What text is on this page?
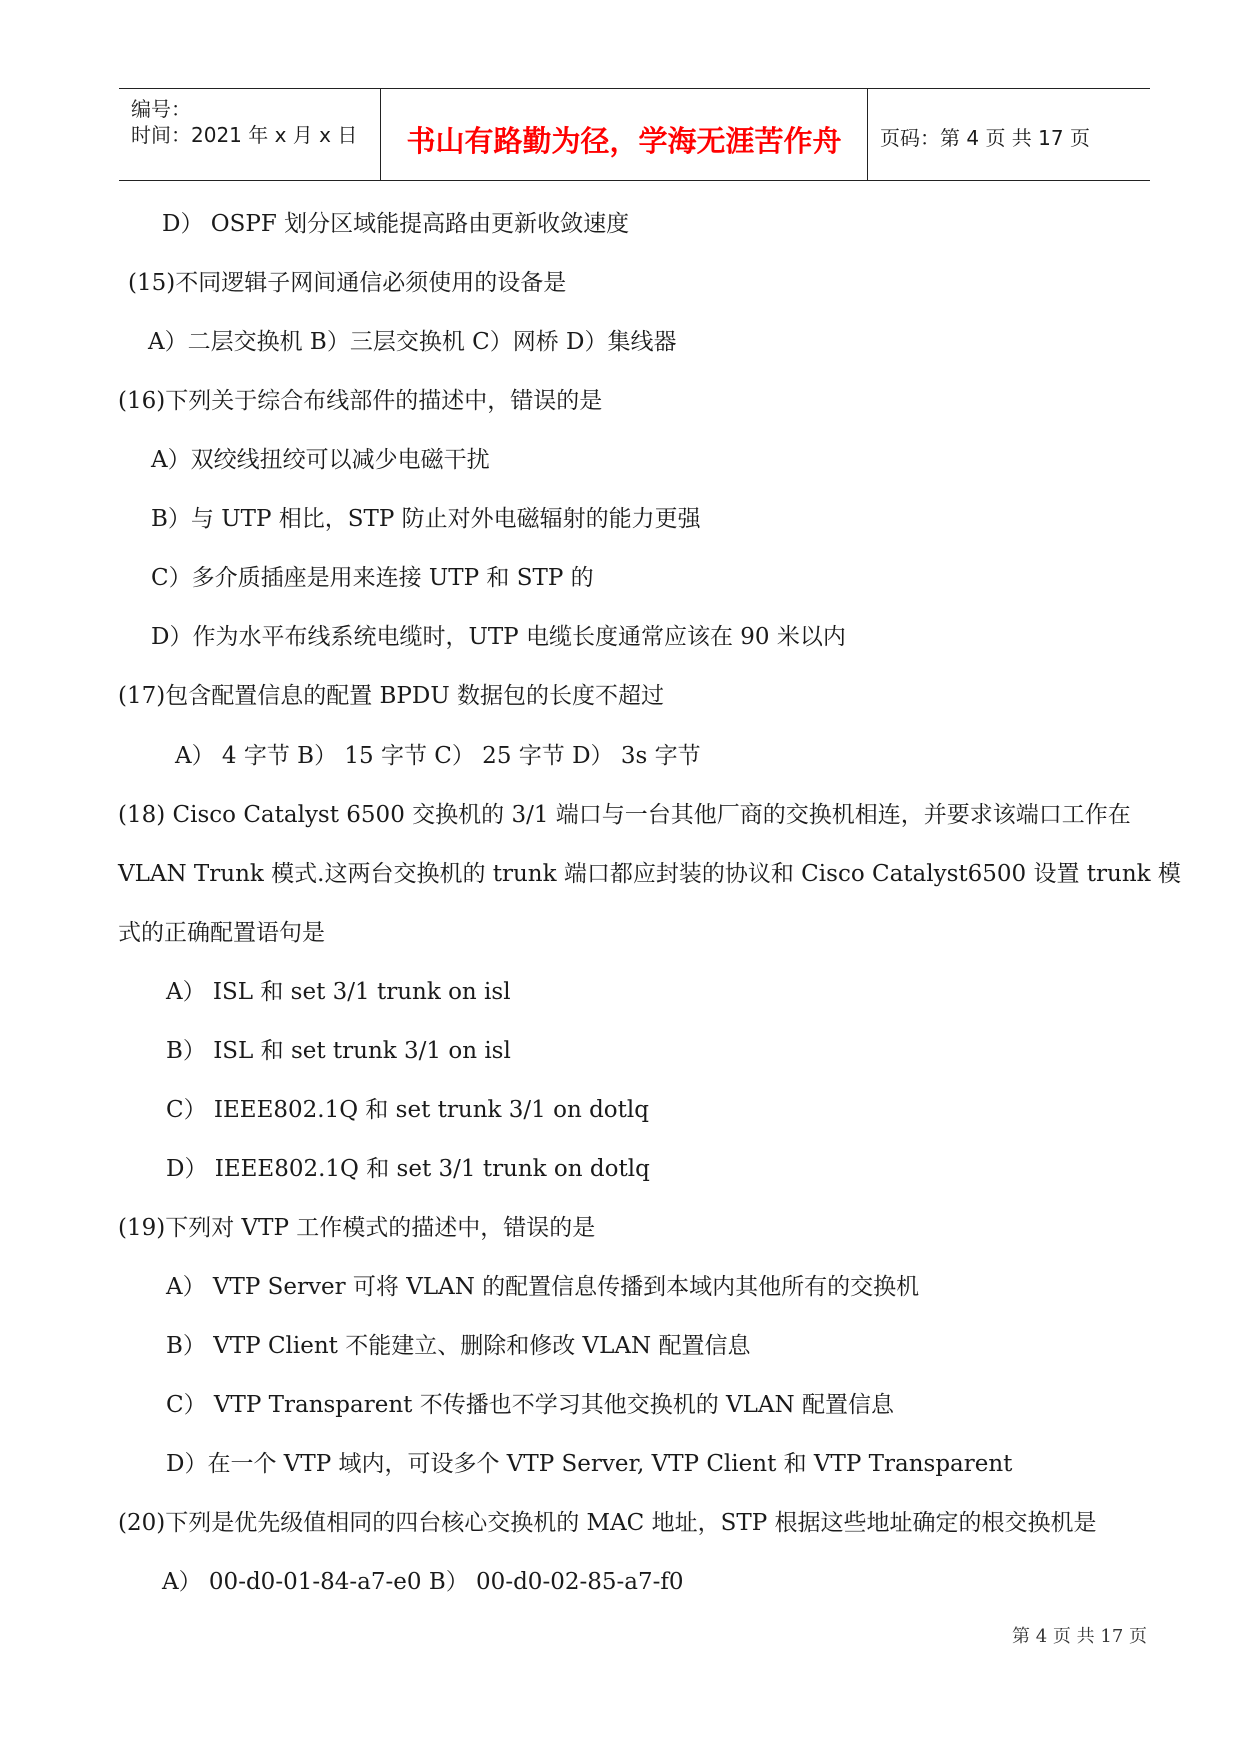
编号：
时间：2021 年 x 月 x 日	书山有路勤为径，学海无涯苦作舟	页码：第 4 页 共 17 页
D） OSPF 划分区域能提高路由更新收敛速度
(15)不同逻辑子网间通信必须使用的设备是
A）二层交换机 B）三层交换机 C）网桥 D）集线器
(16)下列关于综合布线部件的描述中，错误的是
A）双绞线扭绞可以减少电磁干扰
B）与 UTP 相比，STP 防止对外电磁辐射的能力更强
C）多介质插座是用来连接 UTP 和 STP 的
D）作为水平布线系统电缆时，UTP 电缆长度通常应该在 90 米以内
(17)包含配置信息的配置 BPDU 数据包的长度不超过
A） 4 字节 B） 15 字节 C） 25 字节 D） 3s 字节
(18) Cisco Catalyst 6500 交换机的 3/1 端口与一台其他厂商的交换机相连，并要求该端口工作在
VLAN Trunk 模式.这两台交换机的 trunk 端口都应封装的协议和 Cisco Catalyst6500 设置 trunk 模
式的正确配置语句是
A） ISL 和 set 3/1 trunk on isl
B） ISL 和 set trunk 3/1 on isl
C） IEEE802.1Q 和 set trunk 3/1 on dotlq
D） IEEE802.1Q 和 set 3/1 trunk on dotlq
(19)下列对 VTP 工作模式的描述中，错误的是
A） VTP Server 可将 VLAN 的配置信息传播到本域内其他所有的交换机
B） VTP Client 不能建立、删除和修改 VLAN 配置信息
C） VTP Transparent 不传播也不学习其他交换机的 VLAN 配置信息
D）在一个 VTP 域内，可设多个 VTP Server, VTP Client 和 VTP Transparent
(20)下列是优先级值相同的四台核心交换机的 MAC 地址，STP 根据这些地址确定的根交换机是
A） 00-d0-01-84-a7-e0 B） 00-d0-02-85-a7-f0
第 4 页 共 17 页
